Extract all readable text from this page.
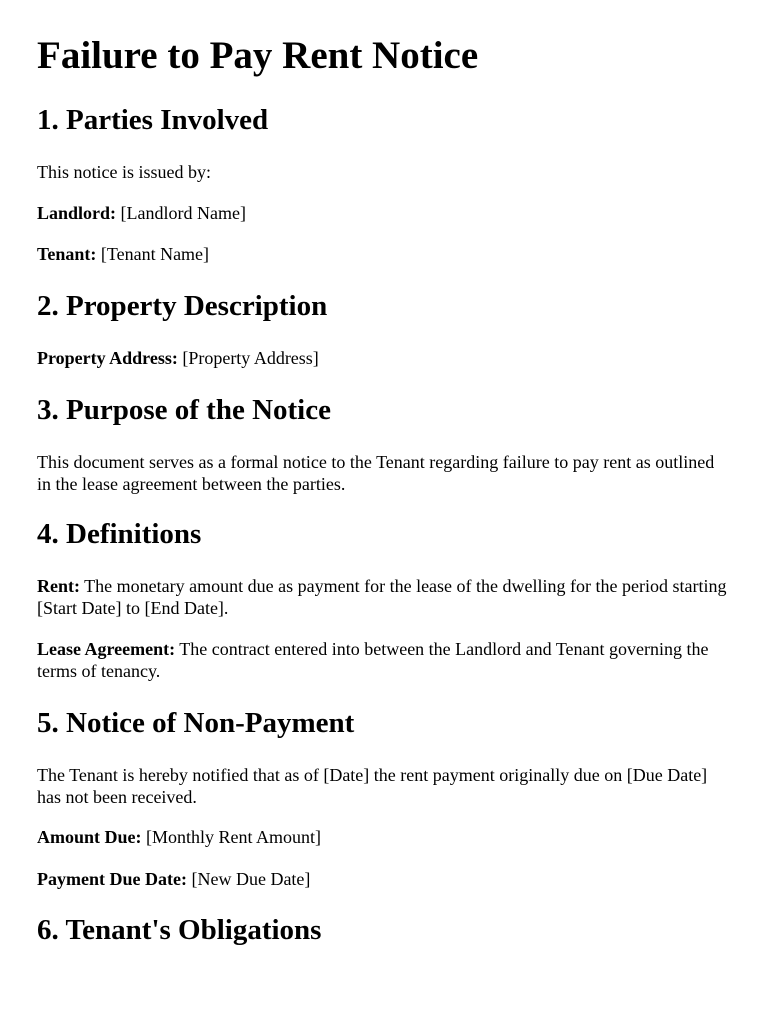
Failure to Pay Rent Notice
1. Parties Involved

This notice is issued by:

Landlord: [Landlord Name]

Tenant: [Tenant Name]

2. Property Description

Property Address: [Property Address]

3. Purpose of the Notice

This document serves as a formal notice to the Tenant regarding failure to pay rent as outlined in the lease agreement between the parties.

4. Definitions

Rent: The monetary amount due as payment for the lease of the dwelling for the period starting [Start Date] to [End Date].

Lease Agreement: The contract entered into between the Landlord and Tenant governing the terms of tenancy.

5. Notice of Non-Payment

The Tenant is hereby notified that as of [Date] the rent payment originally due on [Due Date] has not been received.

Amount Due: [Monthly Rent Amount]

Payment Due Date: [New Due Date]

6. Tenant's Obligations
